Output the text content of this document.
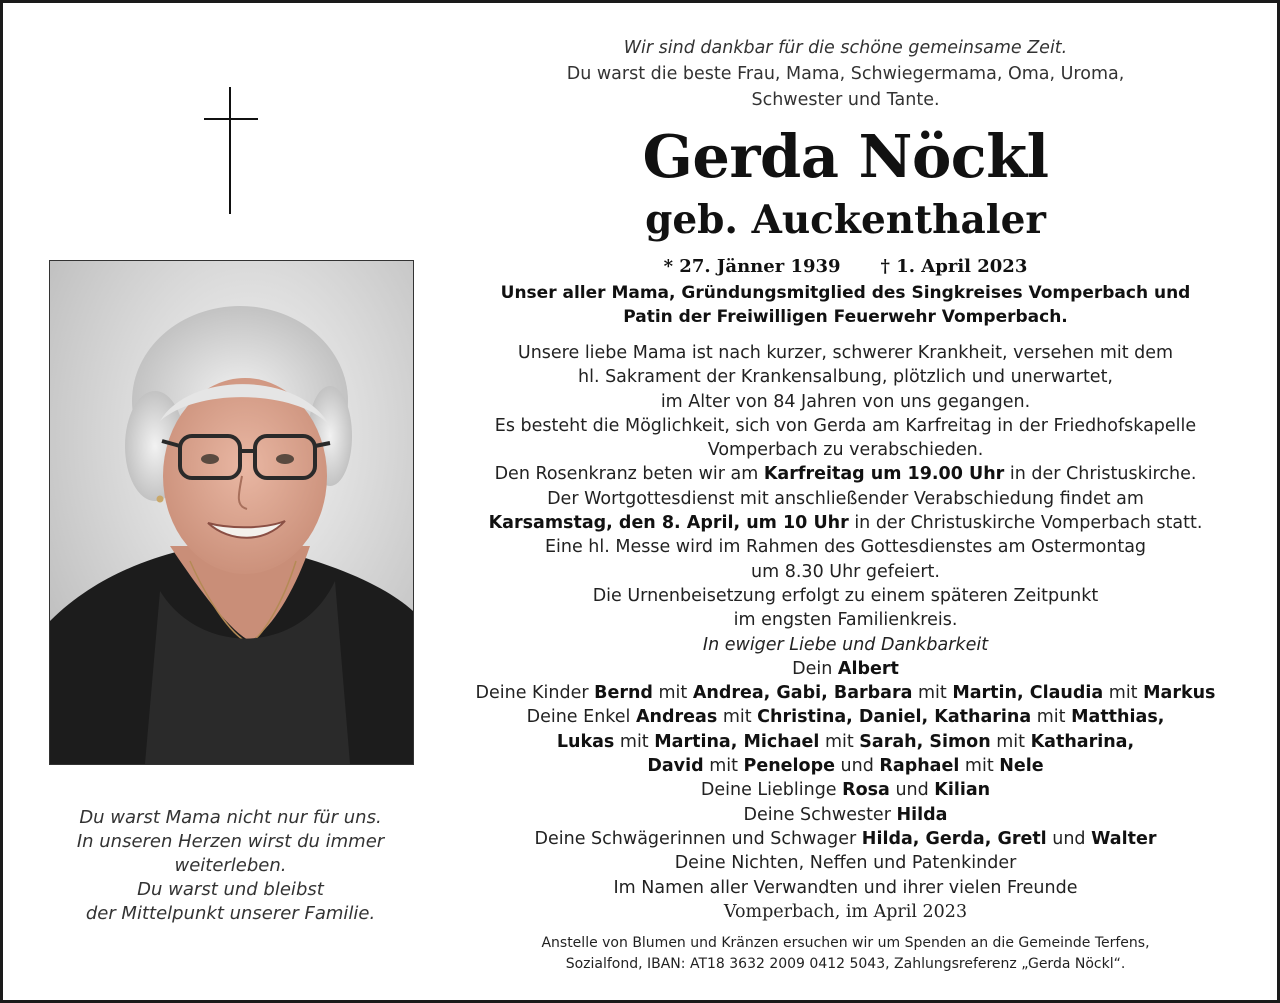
Du warst Mama nicht nur für uns.
In unseren Herzen wirst du immer
weiterleben.
Du warst und bleibst
der Mittelpunkt unserer Familie.
Wir sind dankbar für die schöne gemeinsame Zeit.
Du warst die beste Frau, Mama, Schwiegermama, Oma, Uroma,
Schwester und Tante.
Gerda Nöckl
geb. Auckenthaler
* 27. Jänner 1939 † 1. April 2023
Unser aller Mama, Gründungsmitglied des Singkreises Vomperbach und
Patin der Freiwilligen Feuerwehr Vomperbach.
Unsere liebe Mama ist nach kurzer, schwerer Krankheit, versehen mit dem
hl. Sakrament der Krankensalbung, plötzlich und unerwartet,
im Alter von 84 Jahren von uns gegangen.
Es besteht die Möglichkeit, sich von Gerda am Karfreitag in der Friedhofskapelle
Vomperbach zu verabschieden.
Den Rosenkranz beten wir am Karfreitag um 19.00 Uhr in der Christuskirche.
Der Wortgottesdienst mit anschließender Verabschiedung findet am
Karsamstag, den 8. April, um 10 Uhr in der Christuskirche Vomperbach statt.
Eine hl. Messe wird im Rahmen des Gottesdienstes am Ostermontag
um 8.30 Uhr gefeiert.
Die Urnenbeisetzung erfolgt zu einem späteren Zeitpunkt
im engsten Familienkreis.
In ewiger Liebe und Dankbarkeit
Dein Albert
Deine Kinder Bernd mit Andrea, Gabi, Barbara mit Martin, Claudia mit Markus
Deine Enkel Andreas mit Christina, Daniel, Katharina mit Matthias,
Lukas mit Martina, Michael mit Sarah, Simon mit Katharina,
David mit Penelope und Raphael mit Nele
Deine Lieblinge Rosa und Kilian
Deine Schwester Hilda
Deine Schwägerinnen und Schwager Hilda, Gerda, Gretl und Walter
Deine Nichten, Neffen und Patenkinder
Im Namen aller Verwandten und ihrer vielen Freunde
Vomperbach, im April 2023
Anstelle von Blumen und Kränzen ersuchen wir um Spenden an die Gemeinde Terfens,
Sozialfond, IBAN: AT18 3632 2009 0412 5043, Zahlungsreferenz „Gerda Nöckl“.
